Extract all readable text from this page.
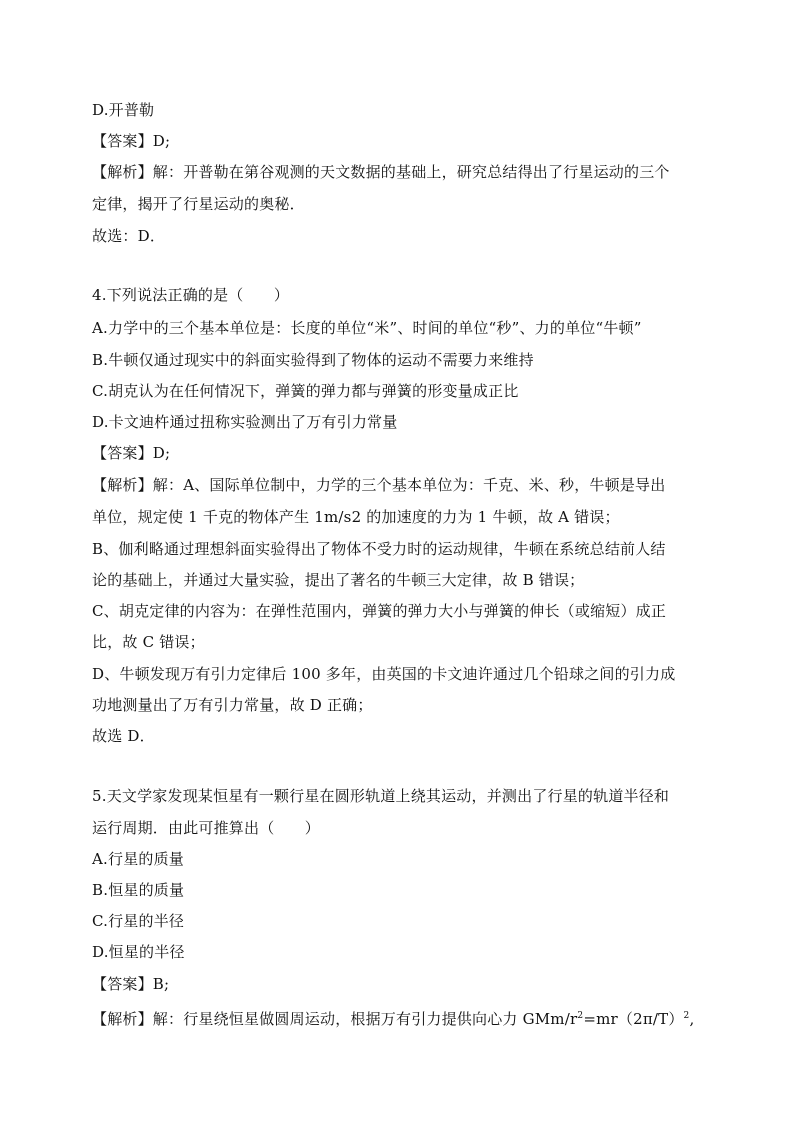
D.开普勒
【答案】D;
【解析】解：开普勒在第谷观测的天文数据的基础上，研究总结得出了行星运动的三个
定律，揭开了行星运动的奥秘．
故选：D．
4.下列说法正确的是（　　）
A.力学中的三个基本单位是：长度的单位“米”、时间的单位“秒”、力的单位“牛顿”
B.牛顿仅通过现实中的斜面实验得到了物体的运动不需要力来维持
C.胡克认为在任何情况下，弹簧的弹力都与弹簧的形变量成正比
D.卡文迪杵通过扭称实验测出了万有引力常量
【答案】D;
【解析】解：A、国际单位制中，力学的三个基本单位为：千克、米、秒，牛顿是导出
单位，规定使 1 千克的物体产生 1m/s2 的加速度的力为 1 牛顿，故 A 错误；
B、伽利略通过理想斜面实验得出了物体不受力时的运动规律，牛顿在系统总结前人结
论的基础上，并通过大量实验，提出了著名的牛顿三大定律，故 B 错误；
C、胡克定律的内容为：在弹性范围内，弹簧的弹力大小与弹簧的伸长（或缩短）成正
比，故 C 错误；
D、牛顿发现万有引力定律后 100 多年，由英国的卡文迪许通过几个铅球之间的引力成
功地测量出了万有引力常量，故 D 正确；
故选 D．
5.天文学家发现某恒星有一颗行星在圆形轨道上绕其运动，并测出了行星的轨道半径和
运行周期．由此可推算出（　　）
A.行星的质量
B.恒星的质量
C.行星的半径
D.恒星的半径
【答案】B;
【解析】解：行星绕恒星做圆周运动，根据万有引力提供向心力 GMm/$r^2=mr(2\pi/T)^2$,
